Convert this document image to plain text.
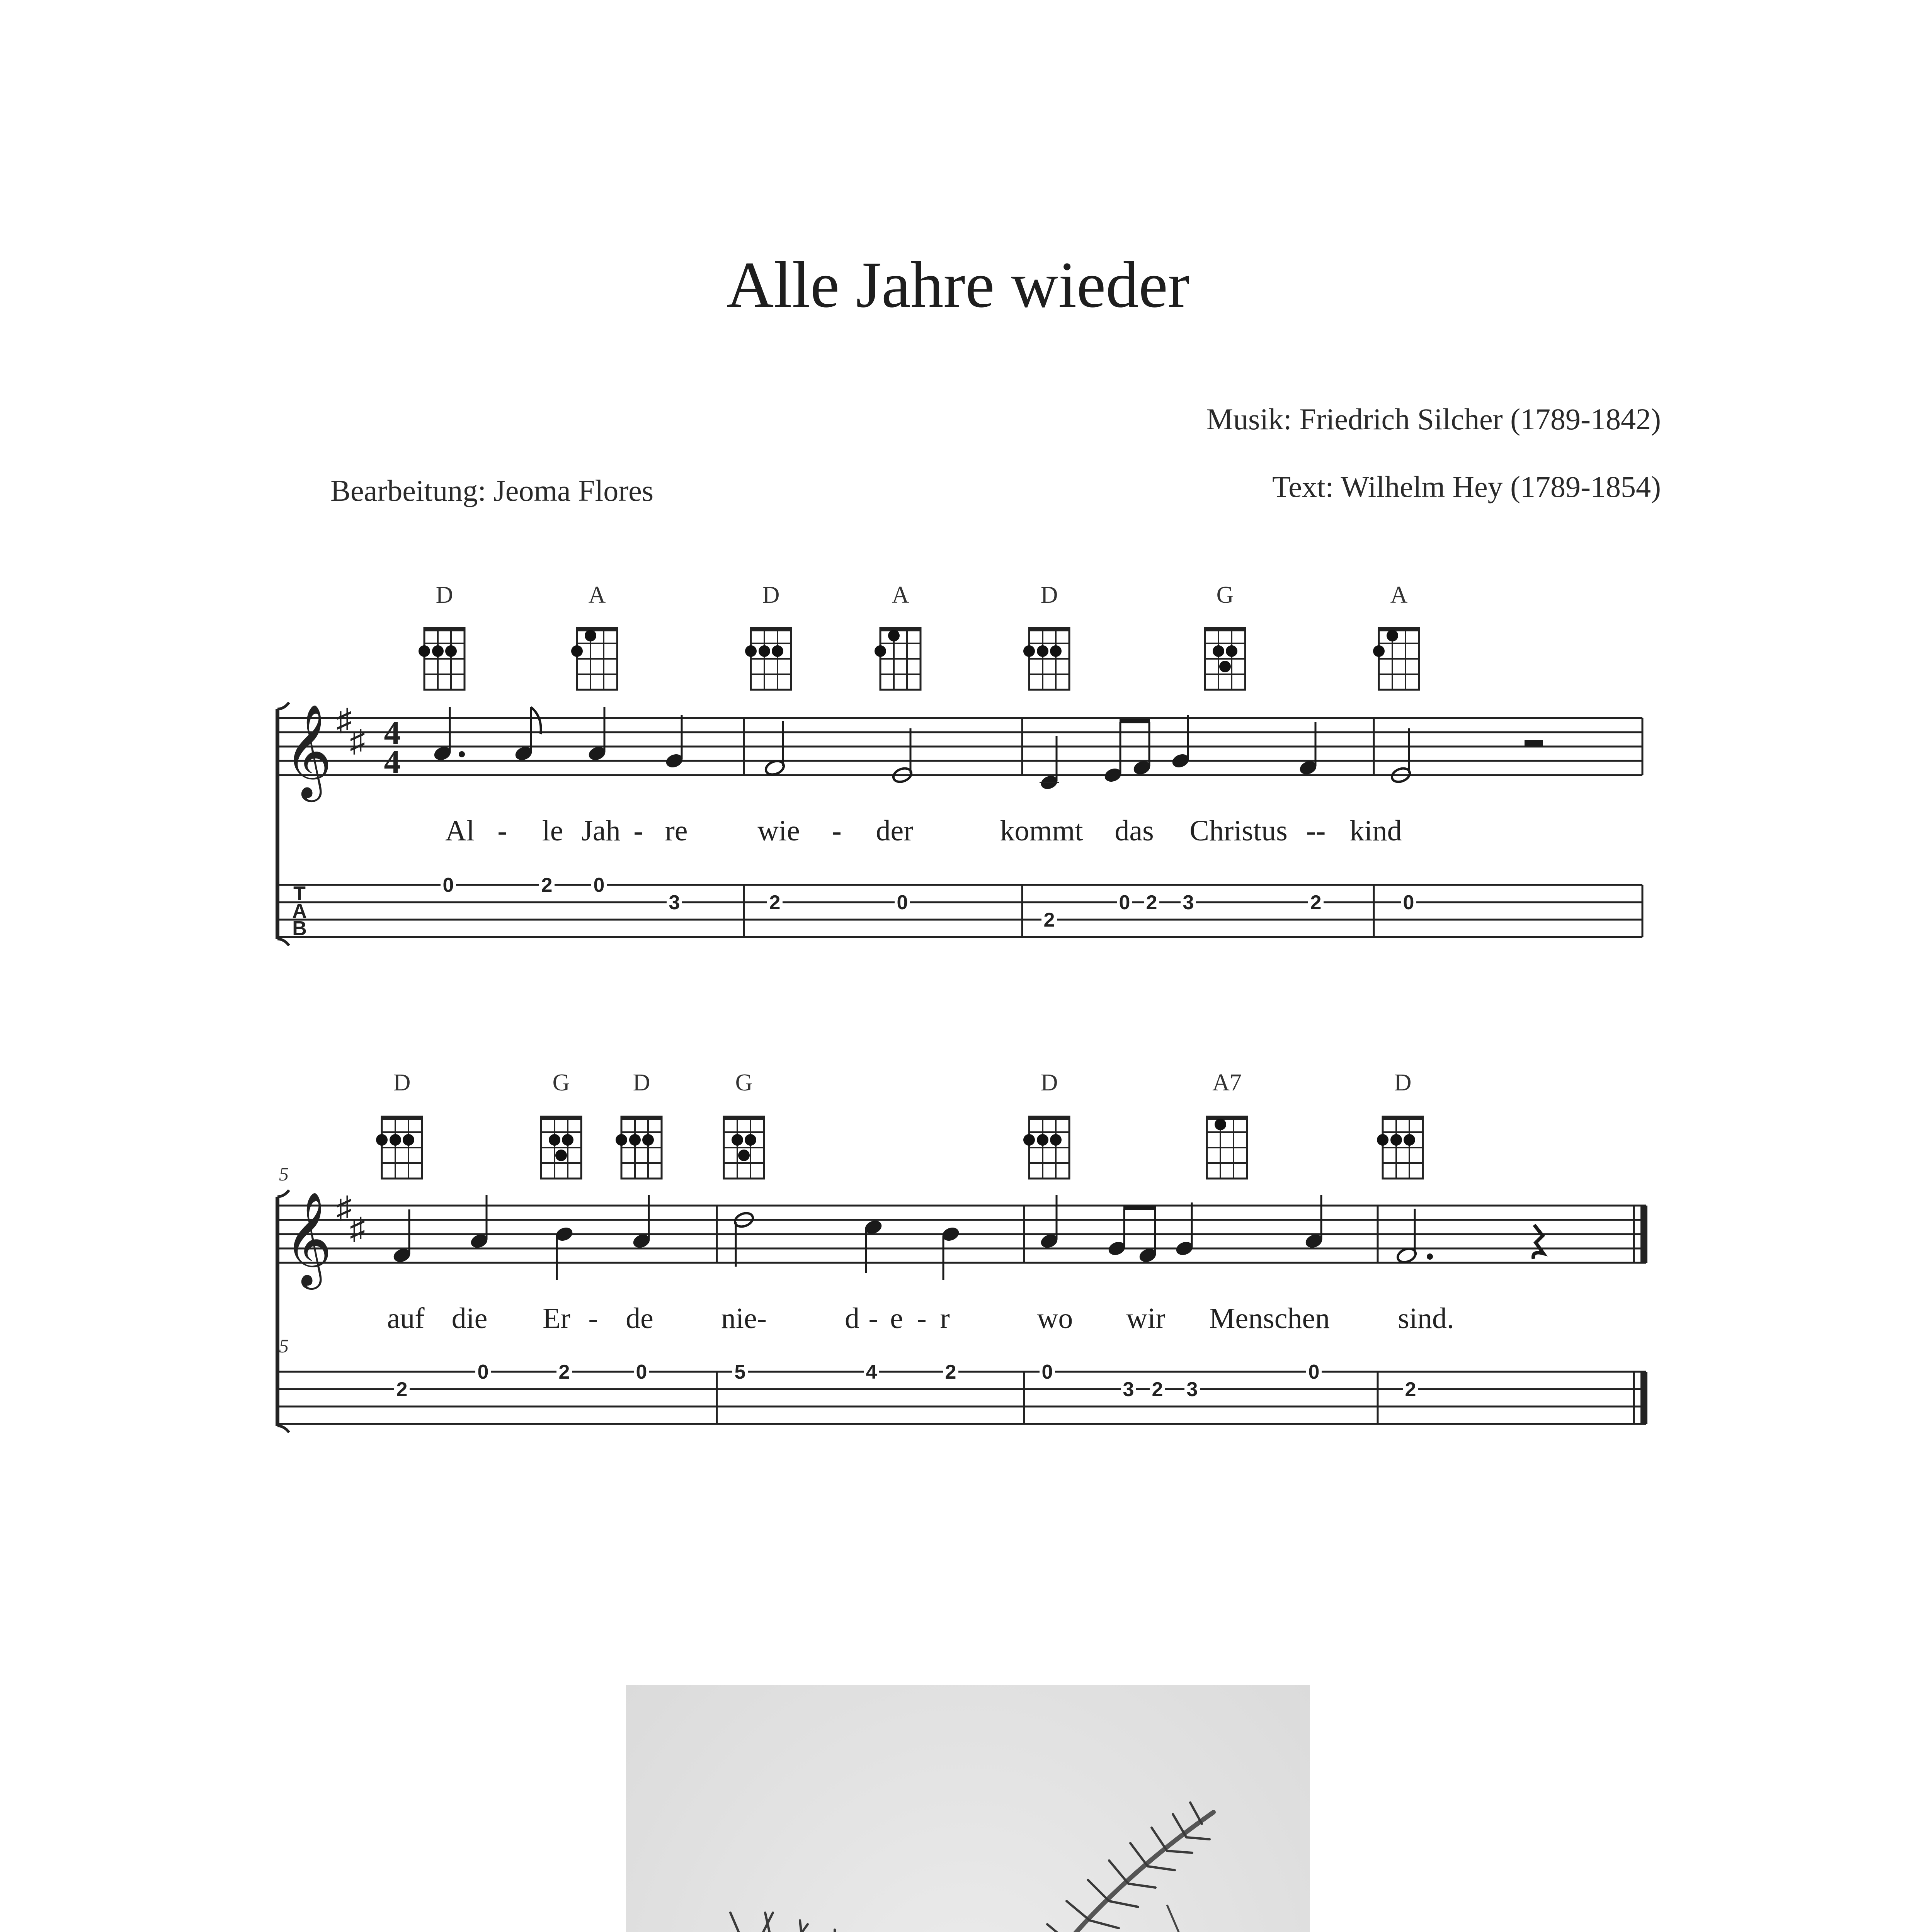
Alle Jahre wieder
Musik: Friedrich Silcher (1789-1842)
Text: Wilhelm Hey (1789-1854)
Bearbeitung: Jeoma Flores
D	A	D	A	D	G	A
𝄞 ♯
♯ 4
4
Al - le Jah - re wie - der	kommt das Christus -- kind
T
A
B
0	2 0
3	2	0
2
0 2 3	2	0
D	G	D	G	D	A7	D
5
𝄞 ♯
♯
auf die Er - de nie-	d - e - r	wo wir Menschen sind.
5
2
0	2	0	5	4	2	0
3 2 3
0
2
